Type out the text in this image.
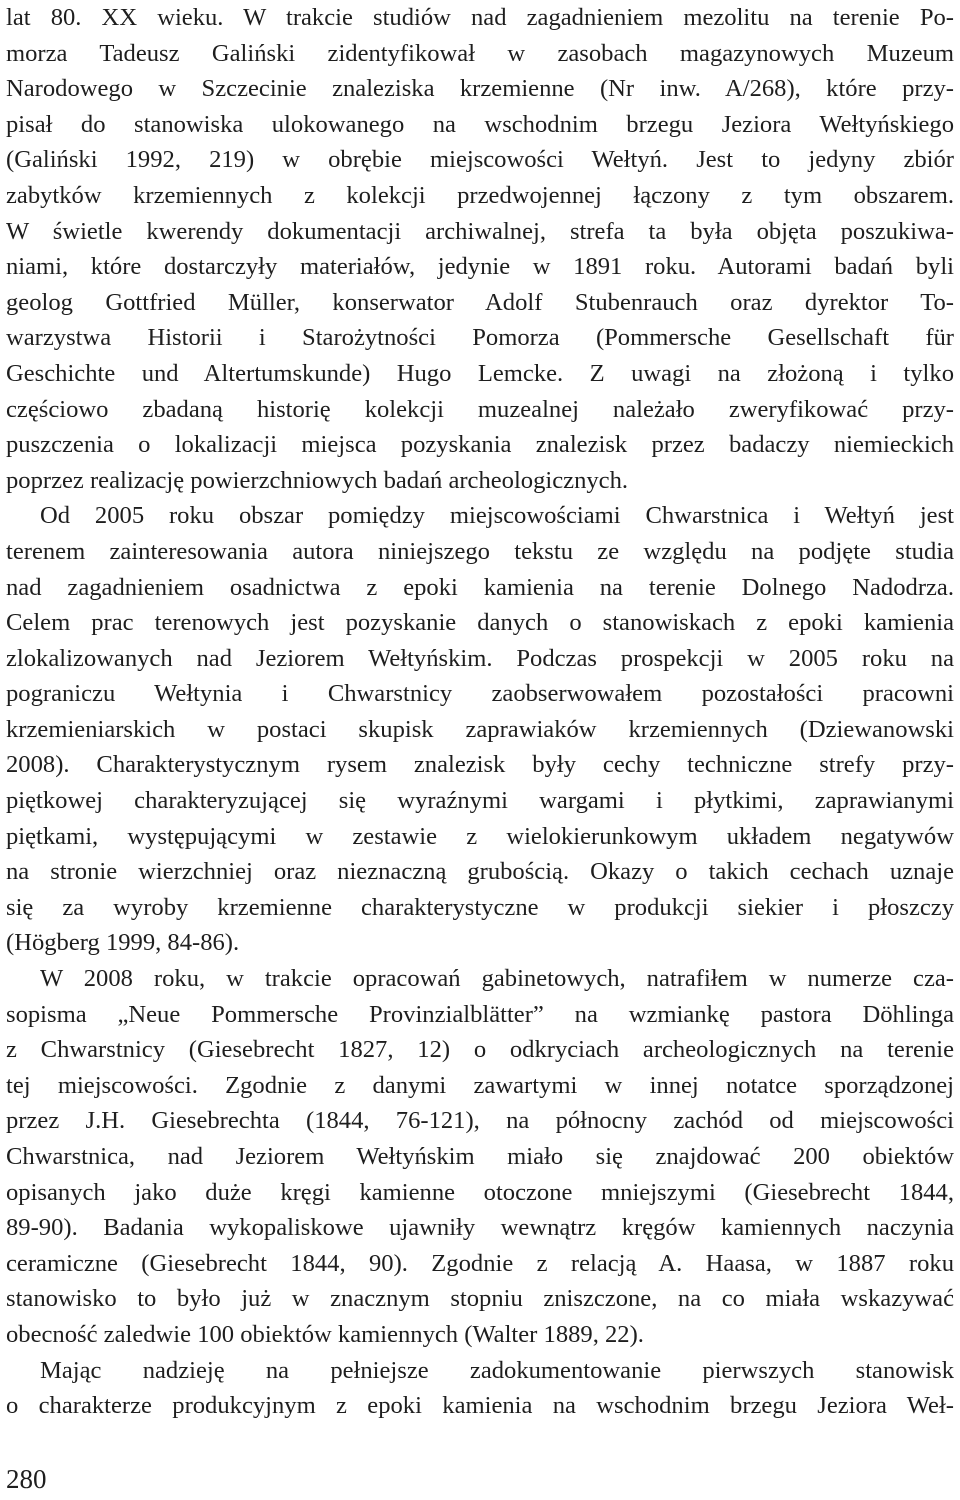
lat 80. XX wieku. W trakcie studiów nad zagadnieniem mezolitu na terenie Po-
morza Tadeusz Galiński zidentyfikował w zasobach magazynowych Muzeum
Narodowego w Szczecinie znaleziska krzemienne (Nr inw. A/268), które przy-
pisał do stanowiska ulokowanego na wschodnim brzegu Jeziora Wełtyńskiego
(Galiński 1992, 219) w obrębie miejscowości Wełtyń. Jest to jedyny zbiór
zabytków krzemiennych z kolekcji przedwojennej łączony z tym obszarem.
W świetle kwerendy dokumentacji archiwalnej, strefa ta była objęta poszukiwa-
niami, które dostarczyły materiałów, jedynie w 1891 roku. Autorami badań byli
geolog Gottfried Müller, konserwator Adolf Stubenrauch oraz dyrektor To-
warzystwa Historii i Starożytności Pomorza (Pommersche Gesellschaft für
Geschichte und Altertumskunde) Hugo Lemcke. Z uwagi na złożoną i tylko
częściowo zbadaną historię kolekcji muzealnej należało zweryfikować przy-
puszczenia o lokalizacji miejsca pozyskania znalezisk przez badaczy niemieckich
poprzez realizację powierzchniowych badań archeologicznych.
Od 2005 roku obszar pomiędzy miejscowościami Chwarstnica i Wełtyń jest
terenem zainteresowania autora niniejszego tekstu ze względu na podjęte studia
nad zagadnieniem osadnictwa z epoki kamienia na terenie Dolnego Nadodrza.
Celem prac terenowych jest pozyskanie danych o stanowiskach z epoki kamienia
zlokalizowanych nad Jeziorem Wełtyńskim. Podczas prospekcji w 2005 roku na
pograniczu Wełtynia i Chwarstnicy zaobserwowałem pozostałości pracowni
krzemieniarskich w postaci skupisk zaprawiaków krzemiennych (Dziewanowski
2008). Charakterystycznym rysem znalezisk były cechy techniczne strefy przy-
piętkowej charakteryzującej się wyraźnymi wargami i płytkimi, zaprawianymi
piętkami, występującymi w zestawie z wielokierunkowym układem negatywów
na stronie wierzchniej oraz nieznaczną grubością. Okazy o takich cechach uznaje
się za wyroby krzemienne charakterystyczne w produkcji siekier i płoszczy
(Högberg 1999, 84-86).
W 2008 roku, w trakcie opracowań gabinetowych, natrafiłem w numerze cza-
sopisma „Neue Pommersche Provinzialblätter” na wzmiankę pastora Döhlinga
z Chwarstnicy (Giesebrecht 1827, 12) o odkryciach archeologicznych na terenie
tej miejscowości. Zgodnie z danymi zawartymi w innej notatce sporządzonej
przez J.H. Giesebrechta (1844, 76-121), na północny zachód od miejscowości
Chwarstnica, nad Jeziorem Wełtyńskim miało się znajdować 200 obiektów
opisanych jako duże kręgi kamienne otoczone mniejszymi (Giesebrecht 1844,
89-90). Badania wykopaliskowe ujawniły wewnątrz kręgów kamiennych naczynia
ceramiczne (Giesebrecht 1844, 90). Zgodnie z relacją A. Haasa, w 1887 roku
stanowisko to było już w znacznym stopniu zniszczone, na co miała wskazywać
obecność zaledwie 100 obiektów kamiennych (Walter 1889, 22).
Mając nadzieję na pełniejsze zadokumentowanie pierwszych stanowisk
o charakterze produkcyjnym z epoki kamienia na wschodnim brzegu Jeziora Weł-
280
